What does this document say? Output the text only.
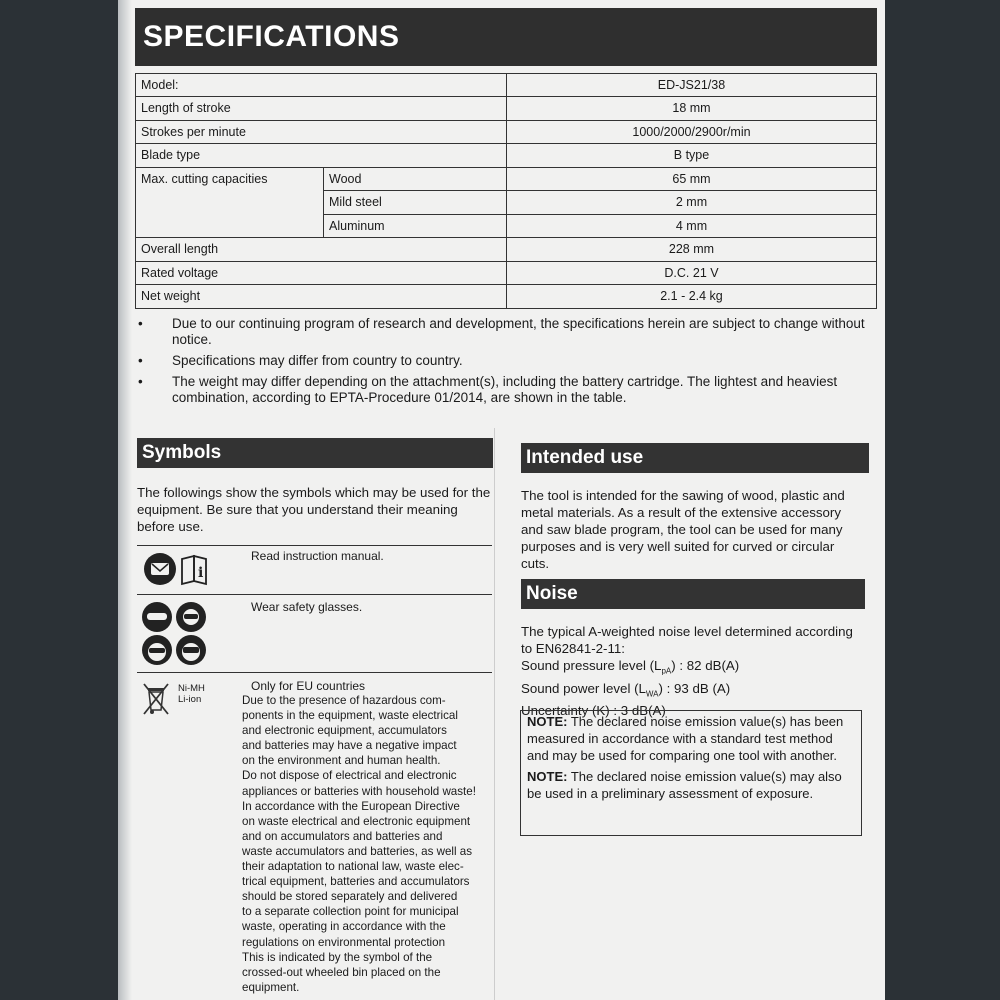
SPECIFICATIONS
Model:		ED-JS21/38
Length of stroke		18 mm
Strokes per minute		1000/2000/2900r/min
Blade type		B type
Max. cutting capacities	Wood	65 mm
	Mild steel	2 mm
	Aluminum	4 mm
Overall length		228 mm
Rated voltage		D.C. 21 V
Net weight		2.1 - 2.4 kg
• Due to our continuing program of research and development, the specifications herein are subject to change without notice.
• Specifications may differ from country to country.
• The weight may differ depending on the attachment(s), including the battery cartridge. The lightest and heaviest combination, according to EPTA-Procedure 01/2014, are shown in the table.
Symbols
The followings show the symbols which may be used for the equipment. Be sure that you understand their meaning before use.
i
Read instruction manual.
Wear safety glasses.
Ni-MH
Li-ion
Only for EU countries
Due to the presence of hazardous com-
ponents in the equipment, waste electrical
and electronic equipment, accumulators
and batteries may have a negative impact
on the environment and human health.
Do not dispose of electrical and electronic
appliances or batteries with household waste!
In accordance with the European Directive
on waste electrical and electronic equipment
and on accumulators and batteries and
waste accumulators and batteries, as well as
their adaptation to national law, waste elec-
trical equipment, batteries and accumulators
should be stored separately and delivered
to a separate collection point for municipal
waste, operating in accordance with the
regulations on environmental protection
This is indicated by the symbol of the
crossed-out wheeled bin placed on the
equipment.
Intended use
The tool is intended for the sawing of wood, plastic and metal materials. As a result of the extensive accessory and saw blade program, the tool can be used for many purposes and is very well suited for curved or circular cuts.
Noise
The typical A-weighted noise level determined according to EN62841-2-11:
Sound pressure level $(L_{pA})$ : 82 dB(A)
Sound power level $(L_{WA})$ : 93 dB (A)
Uncertainty (K) : 3 dB(A)
NOTE: The declared noise emission value(s) has been measured in accordance with a standard test method and may be used for comparing one tool with another.
NOTE: The declared noise emission value(s) may also be used in a preliminary assessment of exposure.
